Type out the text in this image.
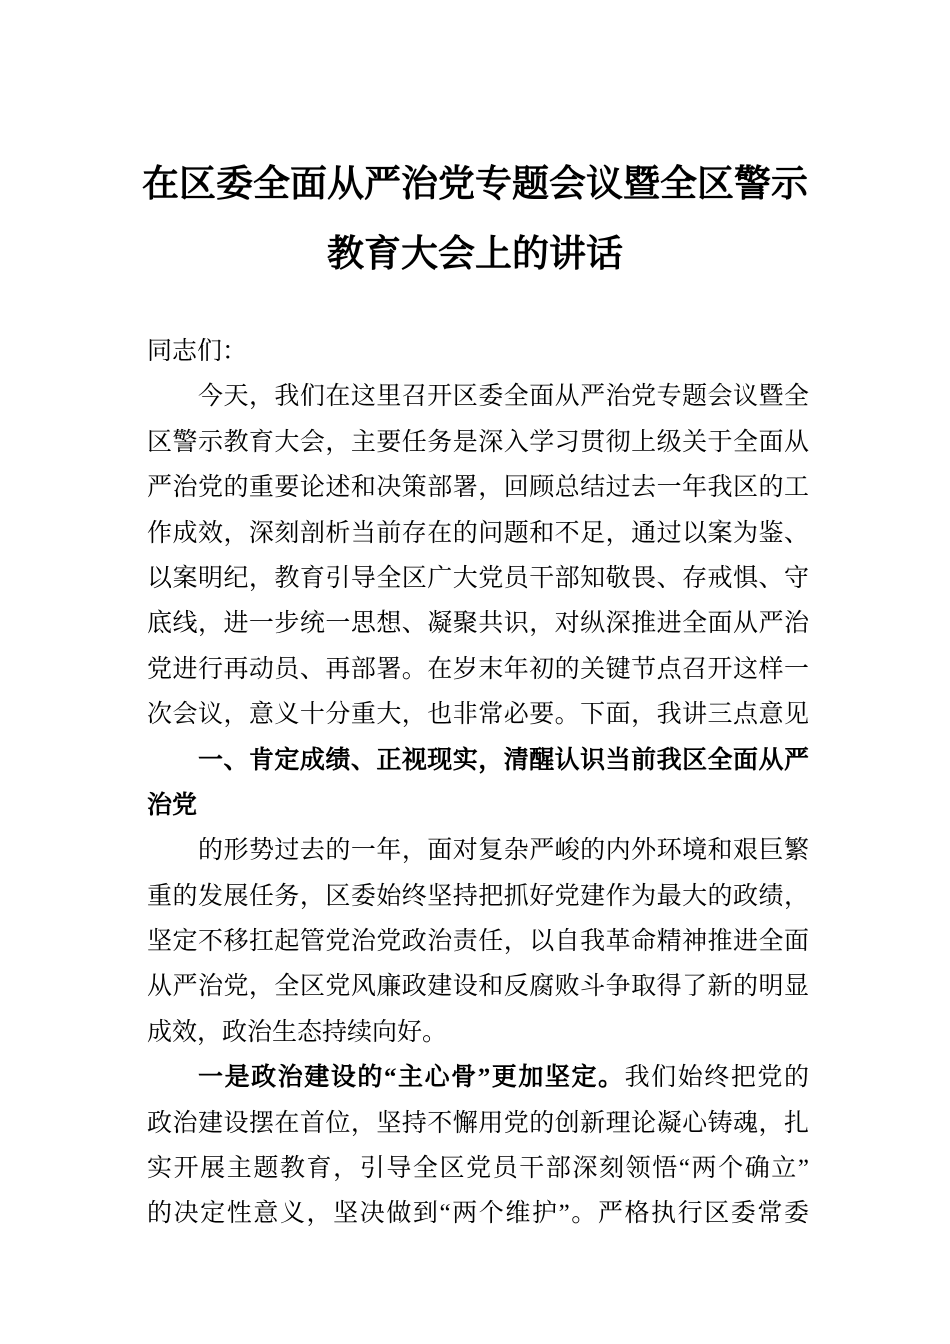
在区委全面从严治党专题会议暨全区警示
教育大会上的讲话
同志们：
今天，我们在这里召开区委全面从严治党专题会议暨全
区警示教育大会，主要任务是深入学习贯彻上级关于全面从
严治党的重要论述和决策部署，回顾总结过去一年我区的工
作成效，深刻剖析当前存在的问题和不足，通过以案为鉴、
以案明纪，教育引导全区广大党员干部知敬畏、存戒惧、守
底线，进一步统一思想、凝聚共识，对纵深推进全面从严治
党进行再动员、再部署。在岁末年初的关键节点召开这样一
次会议，意义十分重大，也非常必要。下面，我讲三点意见
一、肯定成绩、正视现实，清醒认识当前我区全面从严
治党
的形势过去的一年，面对复杂严峻的内外环境和艰巨繁
重的发展任务，区委始终坚持把抓好党建作为最大的政绩，
坚定不移扛起管党治党政治责任，以自我革命精神推进全面
从严治党，全区党风廉政建设和反腐败斗争取得了新的明显
成效，政治生态持续向好。
一是政治建设的“主心骨”更加坚定。我们始终把党的
政治建设摆在首位，坚持不懈用党的创新理论凝心铸魂，扎
实开展主题教育，引导全区党员干部深刻领悟“两个确立”
的决定性意义，坚决做到“两个维护”。严格执行区委常委
